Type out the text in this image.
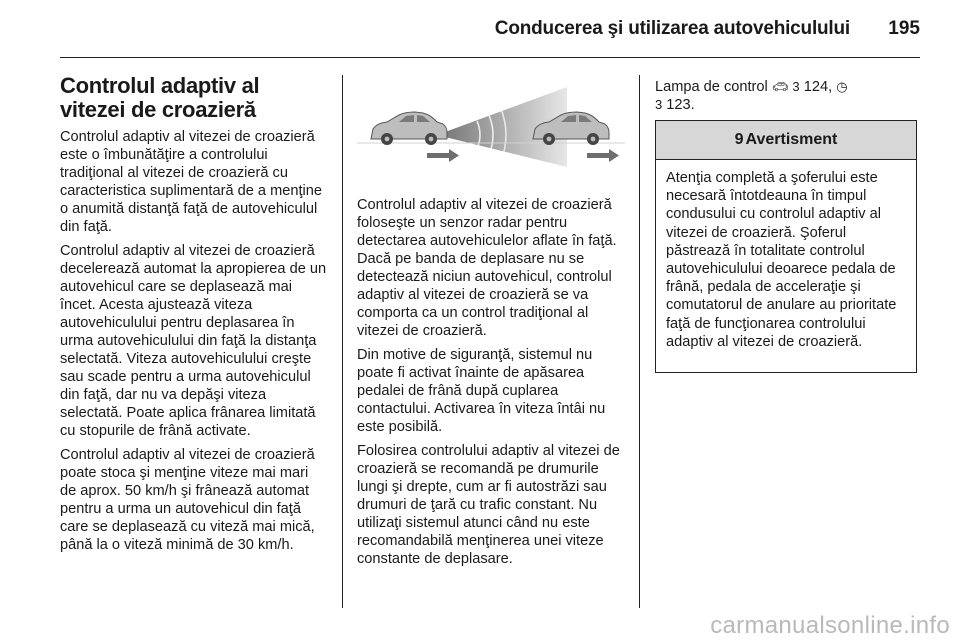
Conducerea şi utilizarea autovehiculului 195
Controlul adaptiv al vitezei de croazieră

Controlul adaptiv al vitezei de croazieră este o îmbunătăţire a controlului tradiţional al vitezei de croazieră cu caracteristica suplimentară de a menţine o anumită distanţă faţă de autovehiculul din faţă.

Controlul adaptiv al vitezei de croazieră decelerează automat la apropierea de un autovehicul care se deplasează mai încet. Acesta ajustează viteza autovehiculului pentru deplasarea în urma autovehiculului din faţă la distanţa selectată. Viteza autovehiculului creşte sau scade pentru a urma autovehiculul din faţă, dar nu va depăşi viteza selectată. Poate aplica frânarea limitată cu stopurile de frână activate.

Controlul adaptiv al vitezei de croazieră poate stoca şi menţine viteze mai mari de aprox. 50 km/h şi frânează automat pentru a urma un autovehicul din faţă care se deplasează cu viteză mai mică, până la o viteză minimă de 30 km/h.

Controlul adaptiv al vitezei de croazieră foloseşte un senzor radar pentru detectarea autovehiculelor aflate în faţă. Dacă pe banda de deplasare nu se detectează niciun autovehicul, controlul adaptiv al vitezei de croazieră se va comporta ca un control tradiţional al vitezei de croazieră.

Din motive de siguranţă, sistemul nu poate fi activat înainte de apăsarea pedalei de frână după cuplarea contactului. Activarea în viteza întâi nu este posibilă.

Folosirea controlului adaptiv al vitezei de croazieră se recomandă pe drumurile lungi şi drepte, cum ar fi autostrăzi sau drumuri de ţară cu trafic constant. Nu utilizaţi sistemul atunci când nu este recomandabilă menţinerea unei viteze constante de deplasare.

Lampa de control 🚗︎ 3 124, ◷
3 123.
9 Avertisment
Atenţia completă a şoferului este necesară întotdeauna în timpul condusului cu controlul adaptiv al vitezei de croazieră. Şoferul păstrează în totalitate controlul autovehiculului deoarece pedala de frână, pedala de acceleraţie şi comutatorul de anulare au prioritate faţă de funcţionarea controlului adaptiv al vitezei de croazieră.
carmanualsonline.info
